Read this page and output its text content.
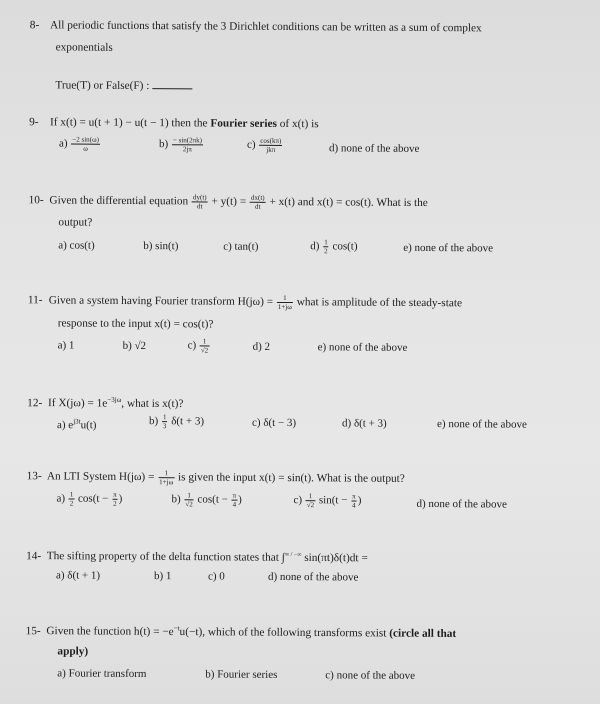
8- All periodic functions that satisfy the 3 Dirichlet conditions can be written as a sum of complex
exponentials
True(T) or False(F) :
9- If x(t) = u(t + 1) − u(t − 1) then the Fourier series of x(t) is
$a) \frac{-2 \sin(\omega)}{\omega}$	$b) \frac{- \sin(2\pi k)}{2j\pi}$	$c) \frac{\cos(k\pi)}{\text{jkπ}}$	d) none of the above
10- Given the differential equation $\frac{dy(t)}{dt} + y(t) = \frac{dx(t)}{dt} + x(t)$ and x(t) = cos(t). What is the
output?
a) cos(t)	b) sin(t)	c) tan(t)	$d) \frac{1}{2} \cos(t)$	e) none of the above
11- Given a system having Fourier transform $H(j\omega) = \frac{1}{1+j\omega}$ what is amplitude of the steady-state
response to the input x(t) = cos(t)?
a) 1	b) √2	$c) \frac{1}{√2}$	d) 2	e) none of the above
12- If $X(j\omega) = 1e^{-3j\omega}$, what is x(t)?
a) $e^{j3t}u(t)$	$b) \frac{1}{3} \delta(t + 3)$	c) δ(t − 3)	d) δ(t + 3)	e) none of the above
13- An LTI System $H(j\omega) = \frac{1}{1+j\omega}$ is given the input x(t) = sin(t). What is the output?
$a) \frac{1}{2} \cos(t - \frac{\pi}{2}$ )	$b) \frac{1}{√2} \cos(t - \frac{\pi}{4}$ )	$c) \frac{1}{√2} \sin(t - \frac{\pi}{4}$ )	d) none of the above
14- The sifting property of the delta function states that ∫∞ / −∞ sin(πt)δ(t)dt =
a) δ(t + 1)	b) 1	c) 0	d) none of the above
15- Given the function $h(t) = -e^{-t}u(-t)$, which of the following transforms exist (circle all that
apply)
a) Fourier transform	b) Fourier series	c) none of the above
